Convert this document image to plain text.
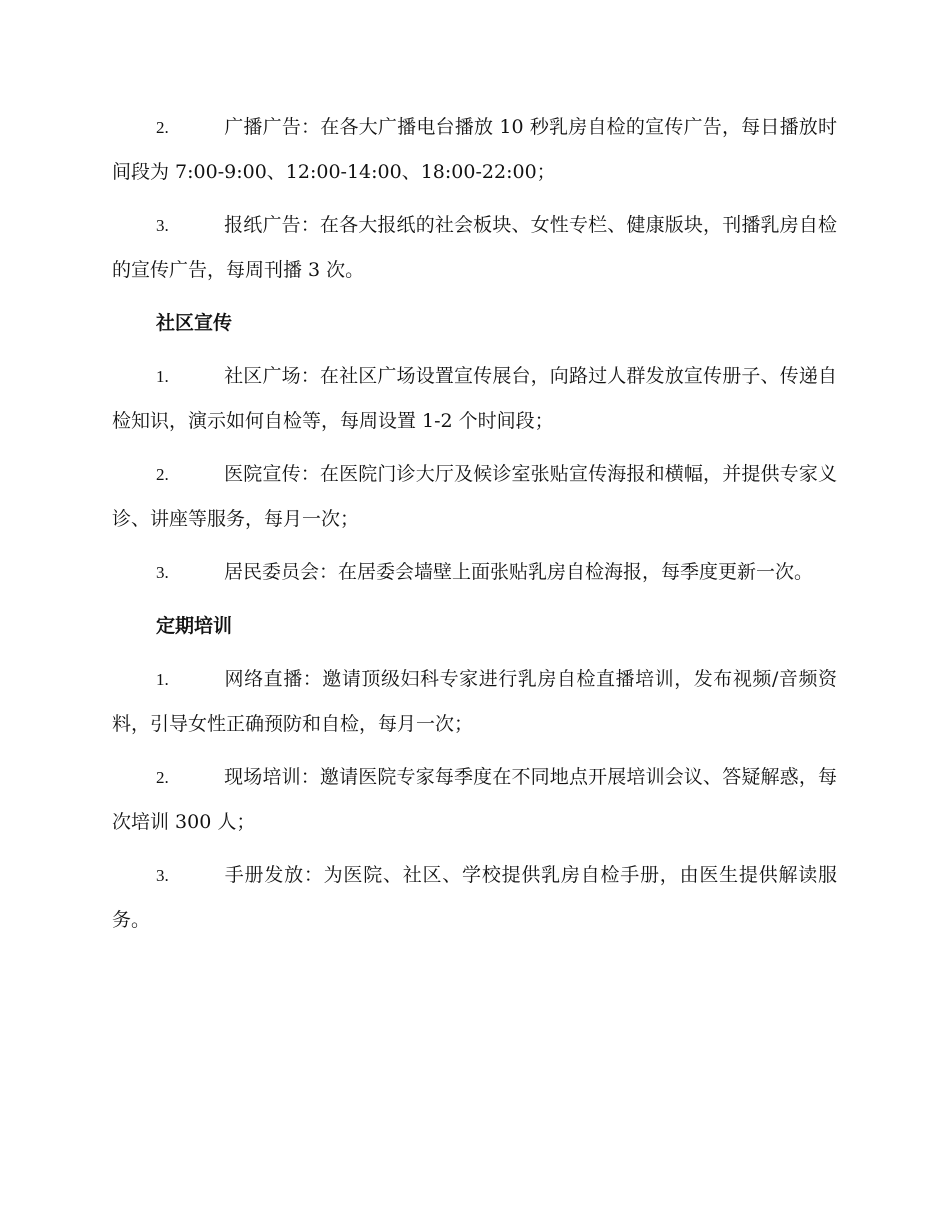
2.	广播广告：在各大广播电台播放 10 秒乳房自检的宣传广告，每日播放时间段为 7:00-9:00、12:00-14:00、18:00-22:00；
3.	报纸广告：在各大报纸的社会板块、女性专栏、健康版块，刊播乳房自检的宣传广告，每周刊播 3 次。
社区宣传
1.	社区广场：在社区广场设置宣传展台，向路过人群发放宣传册子、传递自检知识，演示如何自检等，每周设置 1-2 个时间段；
2.	医院宣传：在医院门诊大厅及候诊室张贴宣传海报和横幅，并提供专家义诊、讲座等服务，每月一次；
3.	居民委员会：在居委会墙壁上面张贴乳房自检海报，每季度更新一次。
定期培训
1.	网络直播：邀请顶级妇科专家进行乳房自检直播培训，发布视频/音频资料，引导女性正确预防和自检，每月一次；
2.	现场培训：邀请医院专家每季度在不同地点开展培训会议、答疑解惑，每次培训 300 人；
3.	手册发放：为医院、社区、学校提供乳房自检手册，由医生提供解读服务。
